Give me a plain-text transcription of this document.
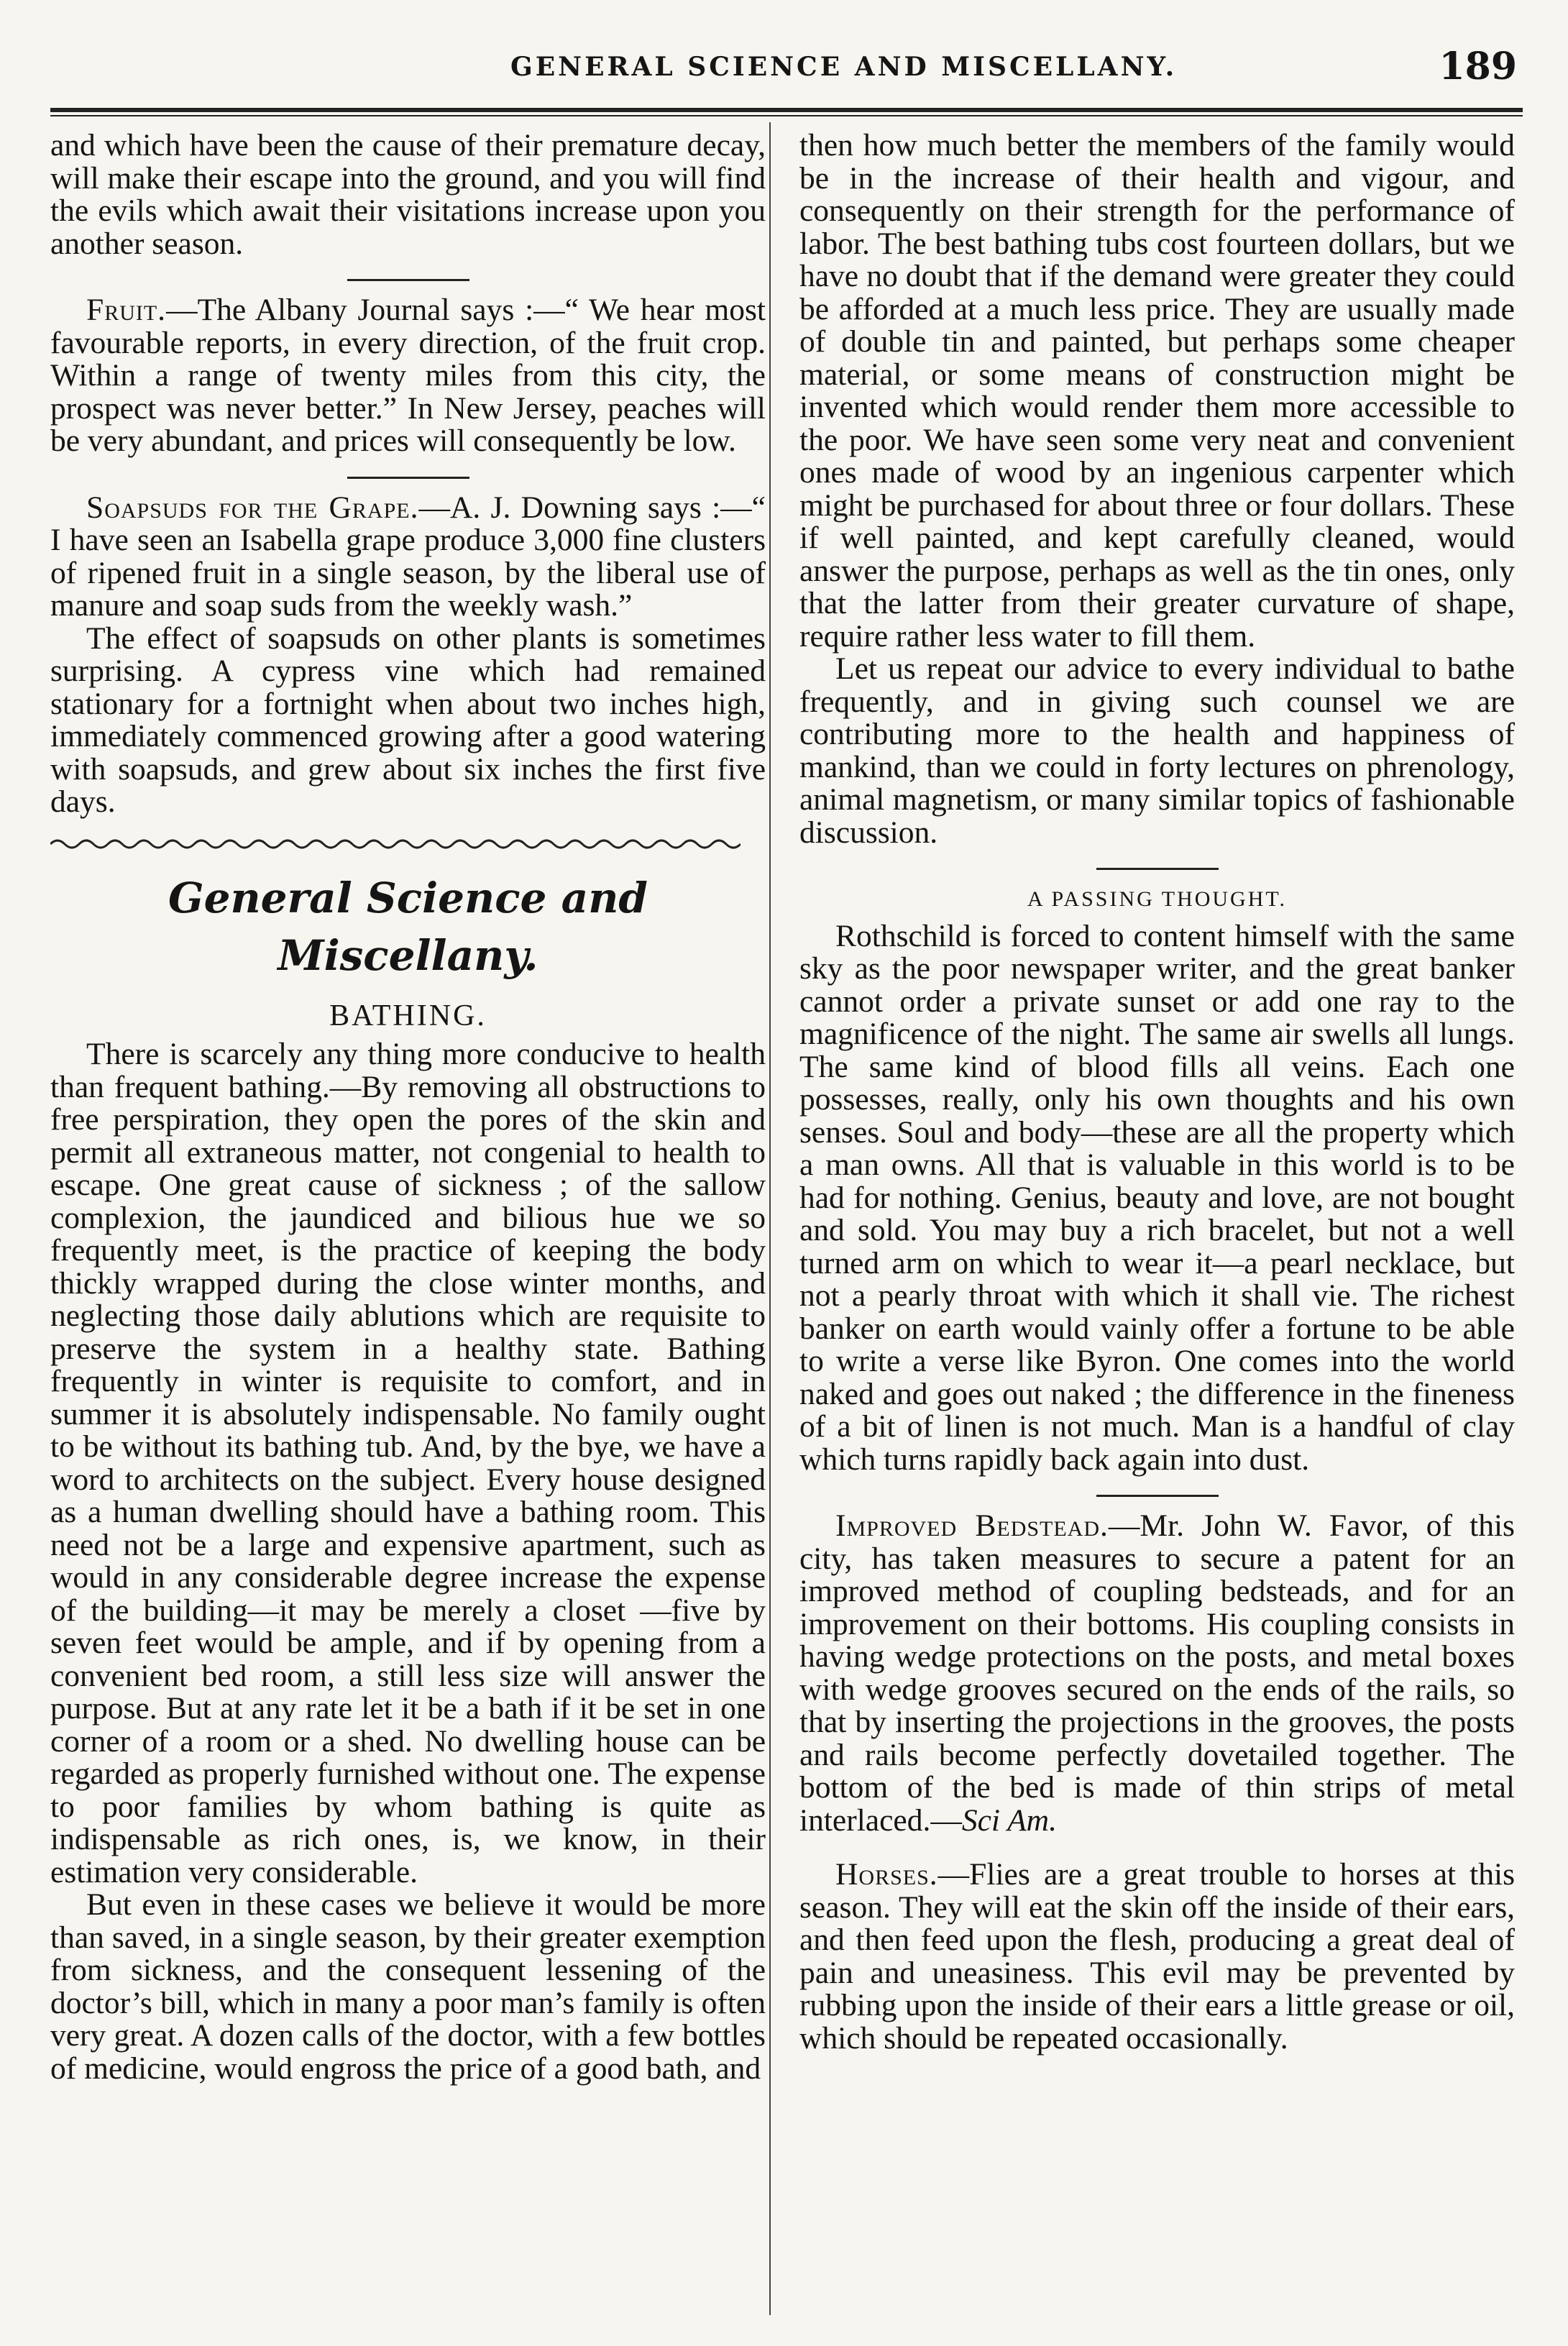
GENERAL SCIENCE AND MISCELLANY.	189

and which have been the cause of their premature decay, will make their escape into the ground, and you will find the evils which await their visitations increase upon you another season.

Fruit.—The Albany Journal says :—“ We hear most favourable reports, in every direction, of the fruit crop. Within a range of twenty miles from this city, the prospect was never better.” In New Jersey, peaches will be very abundant, and prices will consequently be low.

Soapsuds for the Grape.—A. J. Downing says :—“ I have seen an Isabella grape produce 3,000 fine clusters of ripened fruit in a single season, by the liberal use of manure and soap suds from the weekly wash.”

The effect of soapsuds on other plants is sometimes surprising. A cypress vine which had remained stationary for a fortnight when about two inches high, immediately commenced growing after a good watering with soapsuds, and grew about six inches the first five days.

General Science and Miscellany.
BATHING.

There is scarcely any thing more conducive to health than frequent bathing.—By removing all obstructions to free perspiration, they open the pores of the skin and permit all extraneous matter, not congenial to health to escape. One great cause of sickness ; of the sallow complexion, the jaundiced and bilious hue we so frequently meet, is the practice of keeping the body thickly wrapped during the close winter months, and neglecting those daily ablutions which are requisite to preserve the system in a healthy state. Bathing frequently in winter is requisite to comfort, and in summer it is absolutely indispensable. No family ought to be without its bathing tub. And, by the bye, we have a word to architects on the subject. Every house designed as a human dwelling should have a bathing room. This need not be a large and expensive apartment, such as would in any considerable degree increase the expense of the building—it may be merely a closet —five by seven feet would be ample, and if by opening from a convenient bed room, a still less size will answer the purpose. But at any rate let it be a bath if it be set in one corner of a room or a shed. No dwelling house can be regarded as properly furnished without one. The expense to poor families by whom bathing is quite as indispensable as rich ones, is, we know, in their estimation very considerable.

But even in these cases we believe it would be more than saved, in a single season, by their greater exemption from sickness, and the consequent lessening of the doctor’s bill, which in many a poor man’s family is often very great. A dozen calls of the doctor, with a few bottles of medicine, would engross the price of a good bath, and

then how much better the members of the family would be in the increase of their health and vigour, and consequently on their strength for the performance of labor. The best bathing tubs cost fourteen dollars, but we have no doubt that if the demand were greater they could be afforded at a much less price. They are usually made of double tin and painted, but perhaps some cheaper material, or some means of construction might be invented which would render them more accessible to the poor. We have seen some very neat and convenient ones made of wood by an ingenious carpenter which might be purchased for about three or four dollars. These if well painted, and kept carefully cleaned, would answer the purpose, perhaps as well as the tin ones, only that the latter from their greater curvature of shape, require rather less water to fill them.

Let us repeat our advice to every individual to bathe frequently, and in giving such counsel we are contributing more to the health and happiness of mankind, than we could in forty lectures on phrenology, animal magnetism, or many similar topics of fashionable discussion.

A PASSING THOUGHT.

Rothschild is forced to content himself with the same sky as the poor newspaper writer, and the great banker cannot order a private sunset or add one ray to the magnificence of the night. The same air swells all lungs. The same kind of blood fills all veins. Each one possesses, really, only his own thoughts and his own senses. Soul and body—these are all the property which a man owns. All that is valuable in this world is to be had for nothing. Genius, beauty and love, are not bought and sold. You may buy a rich bracelet, but not a well turned arm on which to wear it—a pearl necklace, but not a pearly throat with which it shall vie. The richest banker on earth would vainly offer a fortune to be able to write a verse like Byron. One comes into the world naked and goes out naked ; the difference in the fineness of a bit of linen is not much. Man is a handful of clay which turns rapidly back again into dust.

Improved Bedstead.—Mr. John W. Favor, of this city, has taken measures to secure a patent for an improved method of coupling bedsteads, and for an improvement on their bottoms. His coupling consists in having wedge protections on the posts, and metal boxes with wedge grooves secured on the ends of the rails, so that by inserting the projections in the grooves, the posts and rails become perfectly dovetailed together. The bottom of the bed is made of thin strips of metal interlaced.—Sci Am.

Horses.—Flies are a great trouble to horses at this season. They will eat the skin off the inside of their ears, and then feed upon the flesh, producing a great deal of pain and uneasiness. This evil may be prevented by rubbing upon the inside of their ears a little grease or oil, which should be repeated occasionally.
